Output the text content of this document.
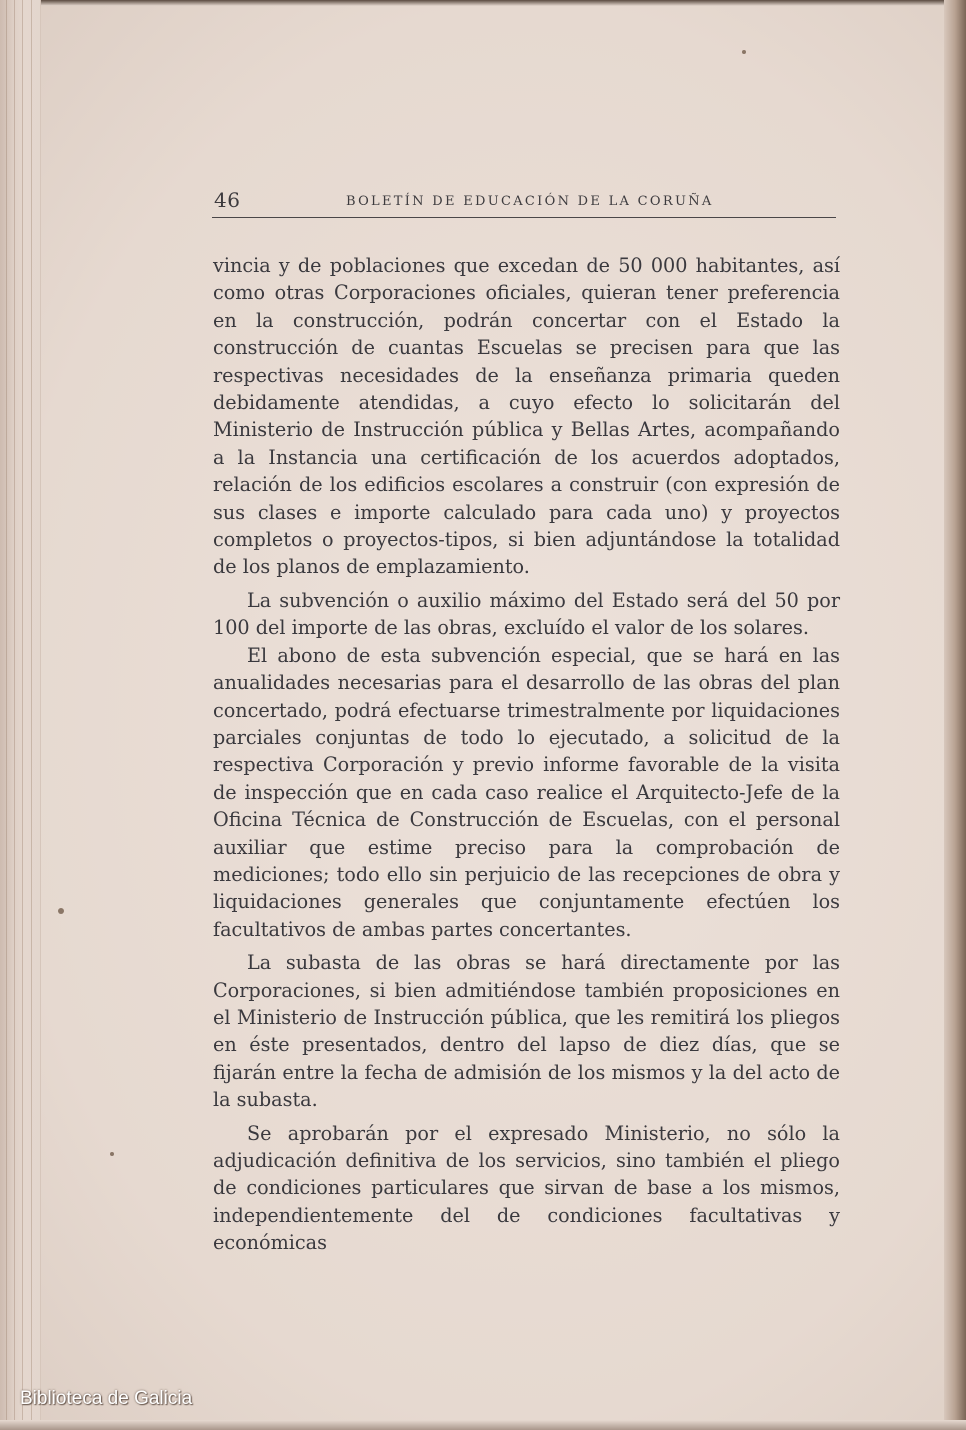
46	BOLETÍN DE EDUCACIÓN DE LA CORUÑA

vincia y de poblaciones que excedan de 50 000 habitantes, así como otras Corporaciones oficiales, quieran tener preferencia en la construcción, podrán concertar con el Estado la construcción de cuantas Escuelas se precisen para que las respectivas necesidades de la enseñanza primaria queden debidamente atendidas, a cuyo efecto lo solicitarán del Ministerio de Instrucción pública y Bellas Artes, acompañando a la Instancia una certificación de los acuerdos adoptados, relación de los edificios escolares a construir (con expresión de sus clases e importe calculado para cada uno) y proyectos completos o proyectos-tipos, si bien adjuntándose la totalidad de los planos de emplazamiento.

La subvención o auxilio máximo del Estado será del 50 por 100 del importe de las obras, excluído el valor de los solares.

El abono de esta subvención especial, que se hará en las anualidades necesarias para el desarrollo de las obras del plan concertado, podrá efectuarse trimestralmente por liquidaciones parciales conjuntas de todo lo ejecutado, a solicitud de la respectiva Corporación y previo informe favorable de la visita de inspección que en cada caso realice el Arquitecto-Jefe de la Oficina Técnica de Construcción de Escuelas, con el personal auxiliar que estime preciso para la comprobación de mediciones; todo ello sin perjuicio de las recepciones de obra y liquidaciones generales que conjuntamente efectúen los facultativos de ambas partes concertantes.

La subasta de las obras se hará directamente por las Corporaciones, si bien admitiéndose también proposiciones en el Ministerio de Instrucción pública, que les remitirá los pliegos en éste presentados, dentro del lapso de diez días, que se fijarán entre la fecha de admisión de los mismos y la del acto de la subasta.

Se aprobarán por el expresado Ministerio, no sólo la adjudicación definitiva de los servicios, sino también el pliego de condiciones particulares que sirvan de base a los mismos, independientemente del de condiciones facultativas y económicas

Biblioteca de Galicia
